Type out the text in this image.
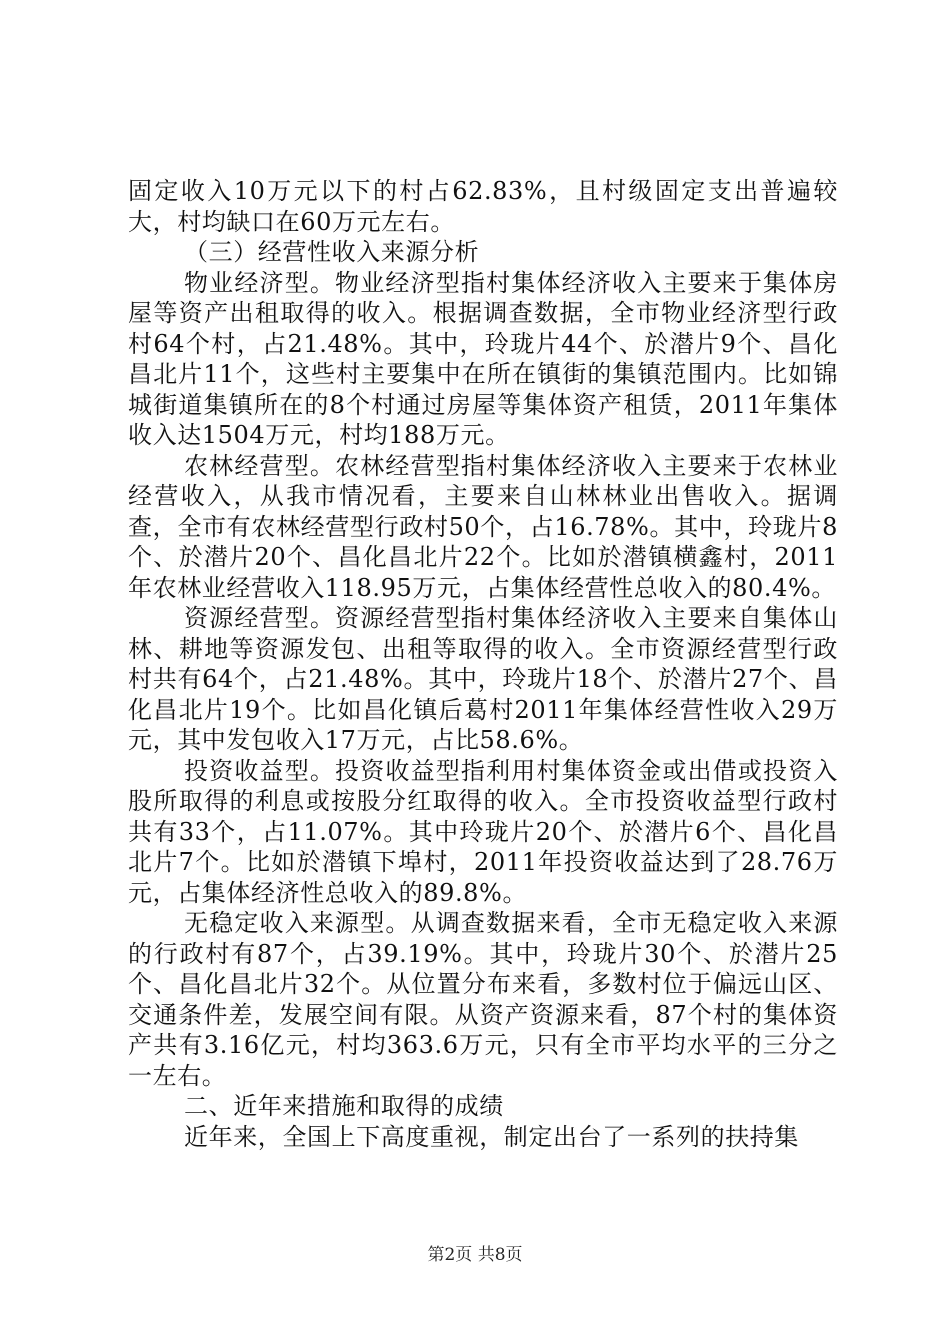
固定收入10万元以下的村占62.83%，且村级固定支出普遍较大，村均缺口在60万元左右。

（三）经营性收入来源分析

物业经济型。物业经济型指村集体经济收入主要来于集体房屋等资产出租取得的收入。根据调查数据，全市物业经济型行政村64个村，占21.48%。其中，玲珑片44个、於潜片9个、昌化昌北片11个，这些村主要集中在所在镇街的集镇范围内。比如锦城街道集镇所在的8个村通过房屋等集体资产租赁，2011年集体收入达1504万元，村均188万元。

农林经营型。农林经营型指村集体经济收入主要来于农林业经营收入，从我市情况看，主要来自山林林业出售收入。据调查，全市有农林经营型行政村50个，占16.78%。其中，玲珑片8个、於潜片20个、昌化昌北片22个。比如於潜镇横鑫村，2011年农林业经营收入118.95万元，占集体经营性总收入的80.4%。

资源经营型。资源经营型指村集体经济收入主要来自集体山林、耕地等资源发包、出租等取得的收入。全市资源经营型行政村共有64个，占21.48%。其中，玲珑片18个、於潜片27个、昌化昌北片19个。比如昌化镇后葛村2011年集体经营性收入29万元，其中发包收入17万元，占比58.6%。

投资收益型。投资收益型指利用村集体资金或出借或投资入股所取得的利息或按股分红取得的收入。全市投资收益型行政村共有33个，占11.07%。其中玲珑片20个、於潜片6个、昌化昌北片7个。比如於潜镇下埠村，2011年投资收益达到了28.76万元，占集体经济性总收入的89.8%。

无稳定收入来源型。从调查数据来看，全市无稳定收入来源的行政村有87个，占39.19%。其中，玲珑片30个、於潜片25个、昌化昌北片32个。从位置分布来看，多数村位于偏远山区、交通条件差，发展空间有限。从资产资源来看，87个村的集体资产共有3.16亿元，村均363.6万元，只有全市平均水平的三分之一左右。

二、近年来措施和取得的成绩

近年来，全国上下高度重视，制定出台了一系列的扶持集

第2页 共8页
